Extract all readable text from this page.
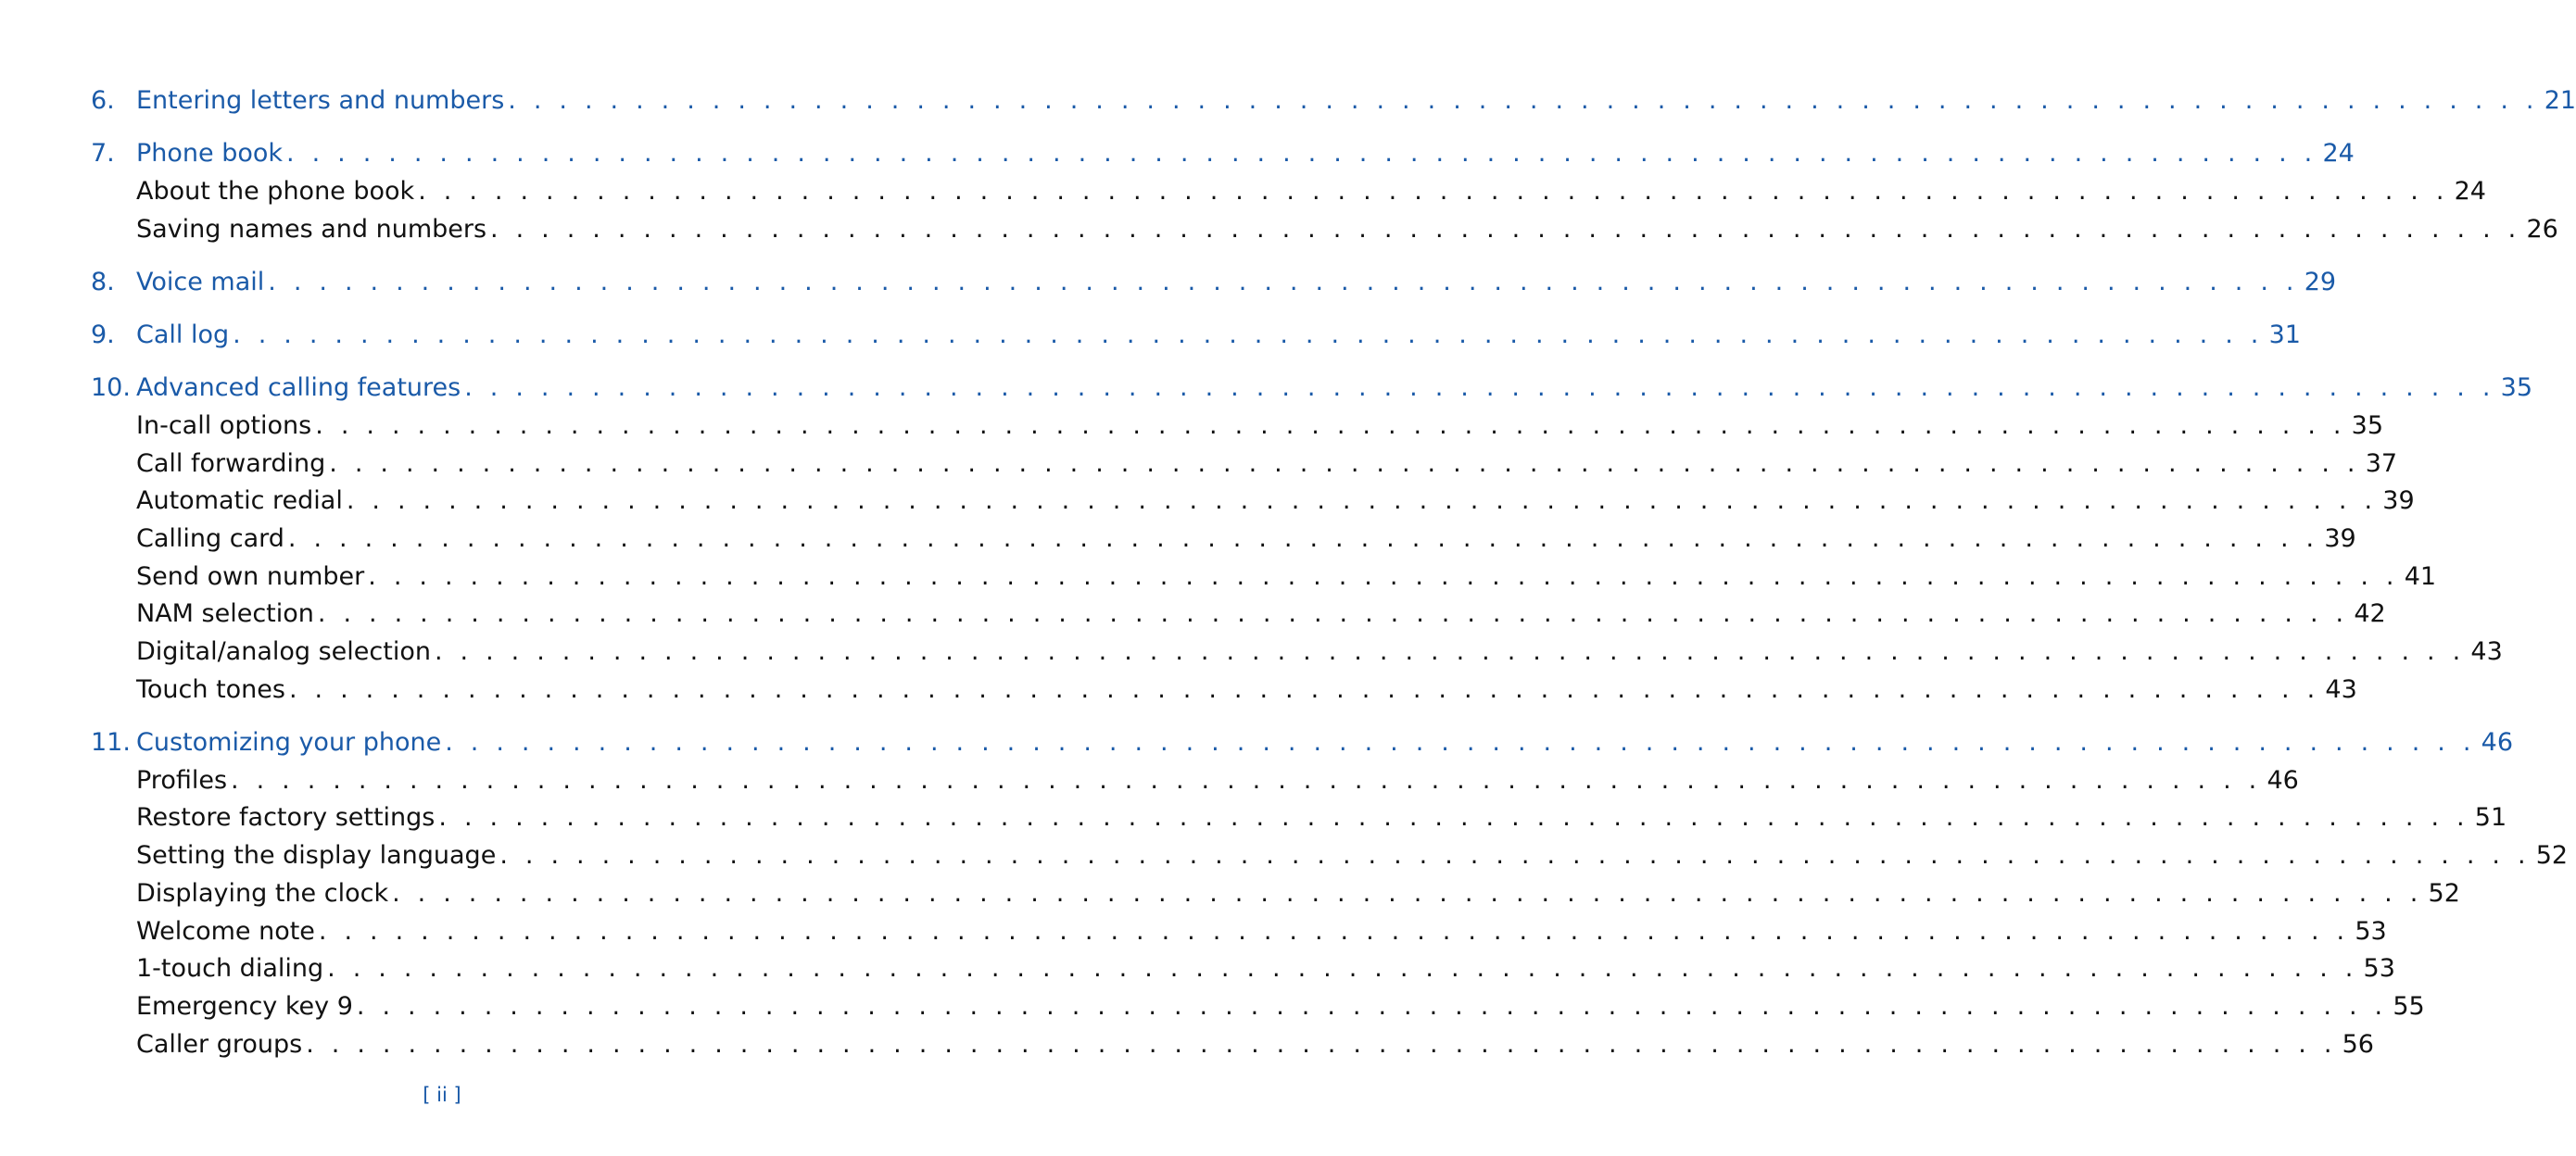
6. Entering letters and numbers . . . . . . . . . . . . . . . . . . . . . . . . . . . . . . . . . . . . . . . . . . . . . . . . . . . . . . . . . . . . . . . . . . . . . . . . . . . . . . . . 21
7. Phone book . . . . . . . . . . . . . . . . . . . . . . . . . . . . . . . . . . . . . . . . . . . . . . . . . . . . . . . . . . . . . . . . . . . . . . . . . . . . . . . . 24
About the phone book . . . . . . . . . . . . . . . . . . . . . . . . . . . . . . . . . . . . . . . . . . . . . . . . . . . . . . . . . . . . . . . . . . . . . . . . . . . . . . . . 24
Saving names and numbers . . . . . . . . . . . . . . . . . . . . . . . . . . . . . . . . . . . . . . . . . . . . . . . . . . . . . . . . . . . . . . . . . . . . . . . . . . . . . . . . 26
8. Voice mail . . . . . . . . . . . . . . . . . . . . . . . . . . . . . . . . . . . . . . . . . . . . . . . . . . . . . . . . . . . . . . . . . . . . . . . . . . . . . . . . 29
9. Call log . . . . . . . . . . . . . . . . . . . . . . . . . . . . . . . . . . . . . . . . . . . . . . . . . . . . . . . . . . . . . . . . . . . . . . . . . . . . . . . . 31
10. Advanced calling features . . . . . . . . . . . . . . . . . . . . . . . . . . . . . . . . . . . . . . . . . . . . . . . . . . . . . . . . . . . . . . . . . . . . . . . . . . . . . . . . 35
In-call options . . . . . . . . . . . . . . . . . . . . . . . . . . . . . . . . . . . . . . . . . . . . . . . . . . . . . . . . . . . . . . . . . . . . . . . . . . . . . . . . 35
Call forwarding . . . . . . . . . . . . . . . . . . . . . . . . . . . . . . . . . . . . . . . . . . . . . . . . . . . . . . . . . . . . . . . . . . . . . . . . . . . . . . . . 37
Automatic redial . . . . . . . . . . . . . . . . . . . . . . . . . . . . . . . . . . . . . . . . . . . . . . . . . . . . . . . . . . . . . . . . . . . . . . . . . . . . . . . . 39
Calling card . . . . . . . . . . . . . . . . . . . . . . . . . . . . . . . . . . . . . . . . . . . . . . . . . . . . . . . . . . . . . . . . . . . . . . . . . . . . . . . . 39
Send own number . . . . . . . . . . . . . . . . . . . . . . . . . . . . . . . . . . . . . . . . . . . . . . . . . . . . . . . . . . . . . . . . . . . . . . . . . . . . . . . . 41
NAM selection . . . . . . . . . . . . . . . . . . . . . . . . . . . . . . . . . . . . . . . . . . . . . . . . . . . . . . . . . . . . . . . . . . . . . . . . . . . . . . . . 42
Digital/analog selection . . . . . . . . . . . . . . . . . . . . . . . . . . . . . . . . . . . . . . . . . . . . . . . . . . . . . . . . . . . . . . . . . . . . . . . . . . . . . . . . 43
Touch tones . . . . . . . . . . . . . . . . . . . . . . . . . . . . . . . . . . . . . . . . . . . . . . . . . . . . . . . . . . . . . . . . . . . . . . . . . . . . . . . . 43
11. Customizing your phone . . . . . . . . . . . . . . . . . . . . . . . . . . . . . . . . . . . . . . . . . . . . . . . . . . . . . . . . . . . . . . . . . . . . . . . . . . . . . . . . 46
Profiles . . . . . . . . . . . . . . . . . . . . . . . . . . . . . . . . . . . . . . . . . . . . . . . . . . . . . . . . . . . . . . . . . . . . . . . . . . . . . . . . 46
Restore factory settings . . . . . . . . . . . . . . . . . . . . . . . . . . . . . . . . . . . . . . . . . . . . . . . . . . . . . . . . . . . . . . . . . . . . . . . . . . . . . . . . 51
Setting the display language . . . . . . . . . . . . . . . . . . . . . . . . . . . . . . . . . . . . . . . . . . . . . . . . . . . . . . . . . . . . . . . . . . . . . . . . . . . . . . . . 52
Displaying the clock . . . . . . . . . . . . . . . . . . . . . . . . . . . . . . . . . . . . . . . . . . . . . . . . . . . . . . . . . . . . . . . . . . . . . . . . . . . . . . . . 52
Welcome note . . . . . . . . . . . . . . . . . . . . . . . . . . . . . . . . . . . . . . . . . . . . . . . . . . . . . . . . . . . . . . . . . . . . . . . . . . . . . . . . 53
1-touch dialing . . . . . . . . . . . . . . . . . . . . . . . . . . . . . . . . . . . . . . . . . . . . . . . . . . . . . . . . . . . . . . . . . . . . . . . . . . . . . . . . 53
Emergency key 9 . . . . . . . . . . . . . . . . . . . . . . . . . . . . . . . . . . . . . . . . . . . . . . . . . . . . . . . . . . . . . . . . . . . . . . . . . . . . . . . . 55
Caller groups . . . . . . . . . . . . . . . . . . . . . . . . . . . . . . . . . . . . . . . . . . . . . . . . . . . . . . . . . . . . . . . . . . . . . . . . . . . . . . . . 56
[ ii ]
